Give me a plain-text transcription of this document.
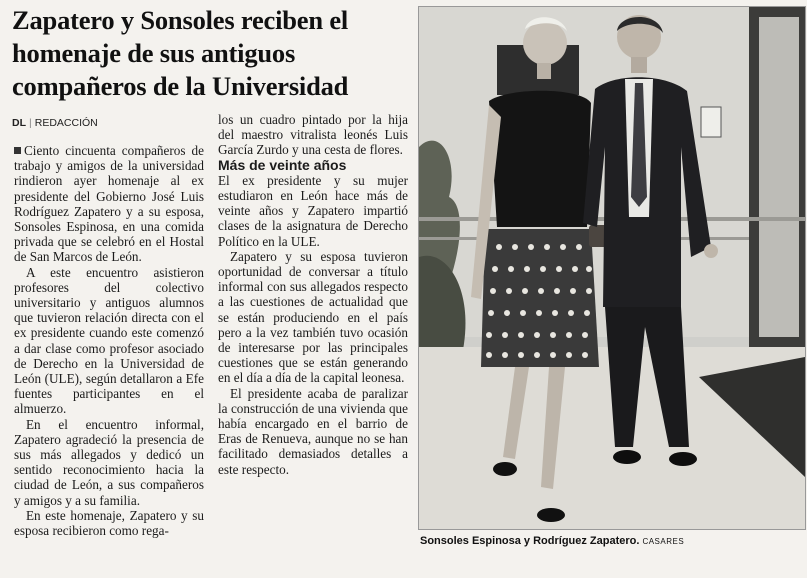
Zapatero y Sonsoles reciben el homenaje de sus antiguos compañeros de la Universidad
DL | REDACCIÓN

Ciento cincuenta compañeros de trabajo y amigos de la universidad rindieron ayer homenaje al ex presidente del Gobierno José Luis Rodríguez Zapatero y a su esposa, Sonsoles Espinosa, en una comida privada que se celebró en el Hostal de San Marcos de León.

A este encuentro asistieron profesores del colectivo universitario y antiguos alumnos que tuvieron relación directa con el ex presidente cuando este comenzó a dar clase como profesor asociado de Derecho en la Universidad de León (ULE), según detallaron a Efe fuentes participantes en el almuerzo.

En el encuentro informal, Zapatero agradeció la presencia de sus más allegados y dedicó un sentido reconocimiento hacia la ciudad de León, a sus compañeros y amigos y a su familia.

En este homenaje, Zapatero y su esposa recibieron como rega-

los un cuadro pintado por la hija del maestro vitralista leonés Luis García Zurdo y una cesta de flores.

Más de veinte años

El ex presidente y su mujer estudiaron en León hace más de veinte años y Zapatero impartió clases de la asignatura de Derecho Político en la ULE.

Zapatero y su esposa tuvieron oportunidad de conversar a título informal con sus allegados respecto a las cuestiones de actualidad que se están produciendo en el país pero a la vez también tuvo ocasión de interesarse por las principales cuestiones que se están generando en el día a día de la capital leonesa.

El presidente acaba de paralizar la construcción de una vivienda que había encargado en el barrio de Eras de Renueva, aunque no se han facilitado demasiados detalles a este respecto.

Sonsoles Espinosa y Rodríguez Zapatero. CASARES
